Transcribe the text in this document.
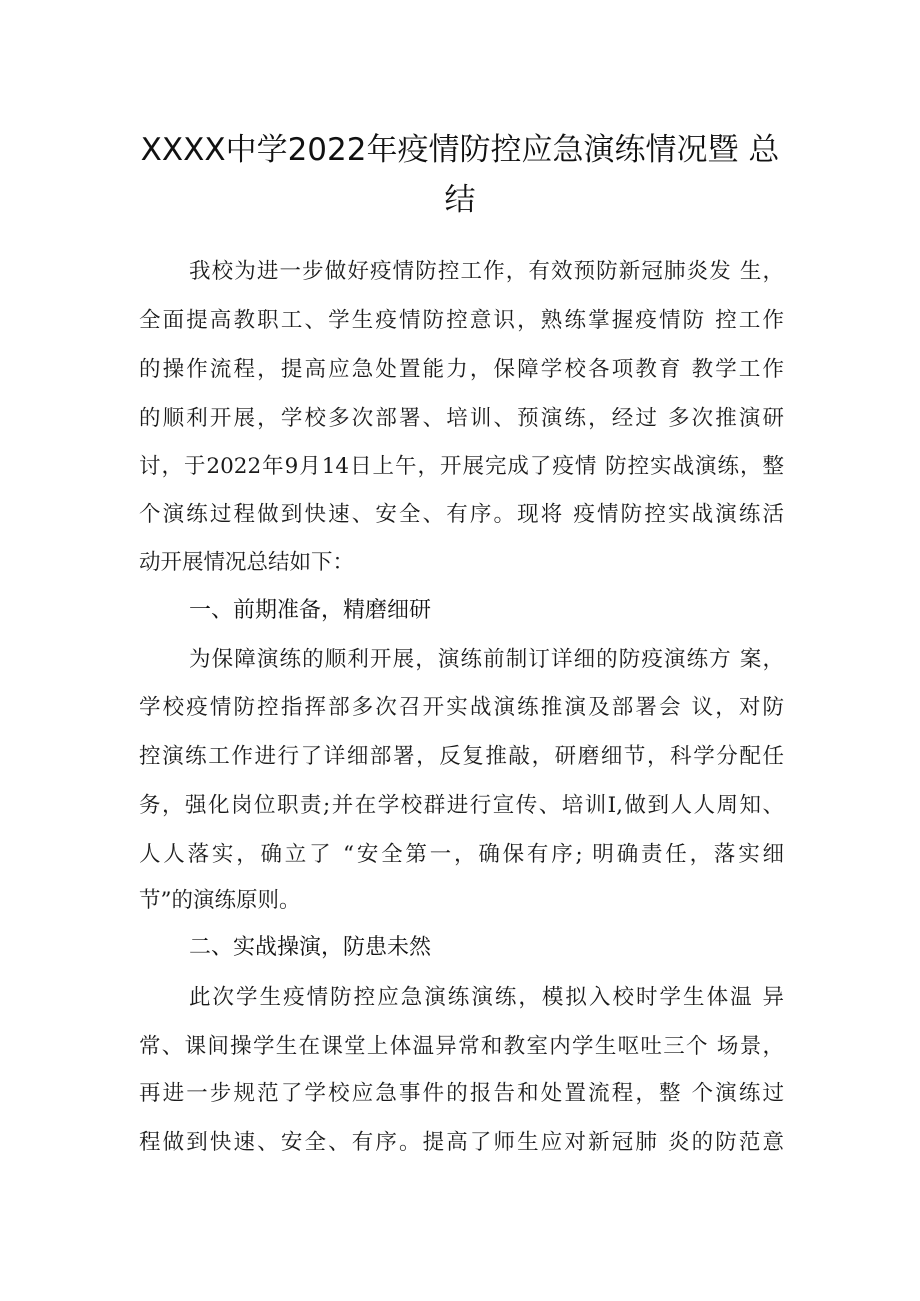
XXXX中学2022年疫情防控应急演练情况暨 总
结
我校为进一步做好疫情防控工作，有效预防新冠肺炎发 生，
全面提高教职工、学生疫情防控意识，熟练掌握疫情防 控工作
的操作流程，提高应急处置能力，保障学校各项教育 教学工作
的顺利开展，学校多次部署、培训、预演练，经过 多次推演研
讨，于2022年9月14日上午，开展完成了疫情 防控实战演练，整
个演练过程做到快速、安全、有序。现将 疫情防控实战演练活
动开展情况总结如下：
一、前期准备，精磨细研
为保障演练的顺利开展，演练前制订详细的防疫演练方 案，
学校疫情防控指挥部多次召开实战演练推演及部署会 议，对防
控演练工作进行了详细部署，反复推敲，研磨细节，科学分配任
务，强化岗位职责;并在学校群进行宣传、培训I,做到人人周知、
人人落实，确立了 “安全第一，确保有序; 明确责任，落实细
节”的演练原则。
二、实战操演，防患未然
此次学生疫情防控应急演练演练，模拟入校时学生体温 异
常、课间操学生在课堂上体温异常和教室内学生呕吐三个 场景，
再进一步规范了学校应急事件的报告和处置流程，整 个演练过
程做到快速、安全、有序。提高了师生应对新冠肺 炎的防范意
